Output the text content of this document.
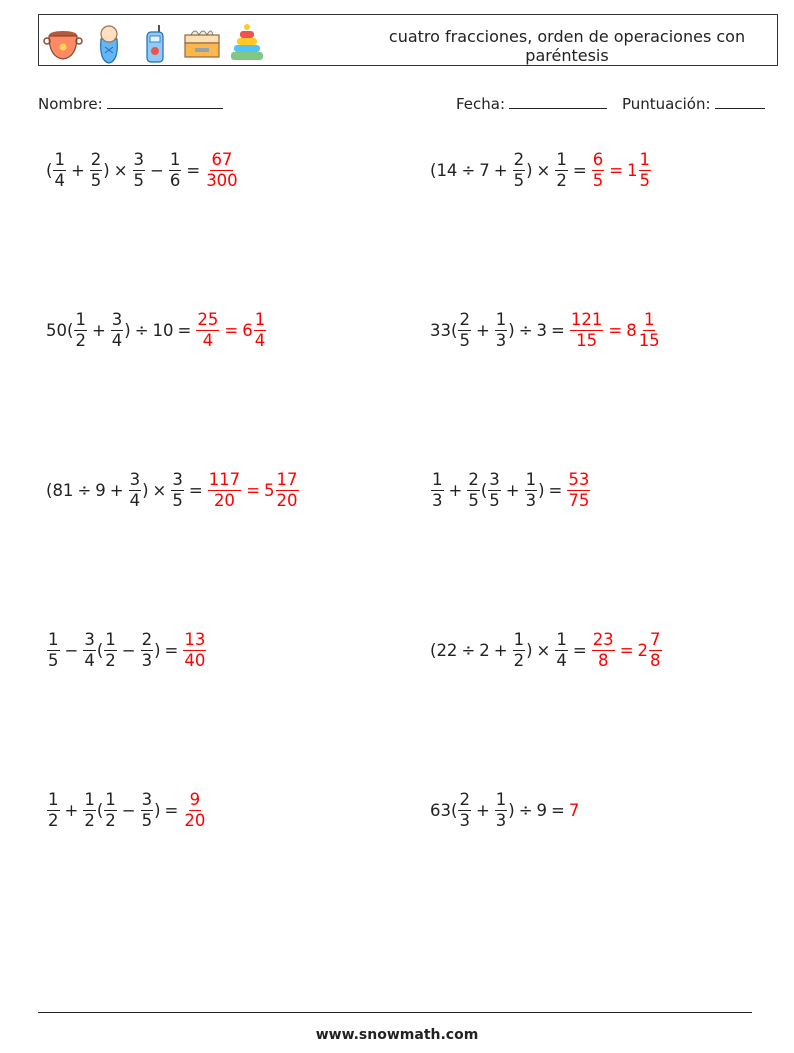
cuatro fracciones, orden de operaciones con paréntesis
Nombre:	Fecha:	Puntuación:
( $\frac{1}{4} + \frac{2}{5}$ ) × $\frac{3}{5} - \frac{1}{6} = \frac{67}{300}$	( $14 \div 7 + \frac{2}{5}$ ) × $\frac{1}{2} = \frac{6}{5} = 1 \frac{1}{5}$
50 ( $\frac{1}{2} + \frac{3}{4}$ ) ÷ $10 = \frac{25}{4} = 6 \frac{1}{4}$	33 ( $\frac{2}{5} + \frac{1}{3}$ ) ÷ $3 = \frac{121}{15} = 8 \frac{1}{15}$
( $81 \div 9 + \frac{3}{4}$ ) × $\frac{3}{5} = \frac{117}{20} = 5 \frac{17}{20}$	$\frac{1}{3} + \frac{2}{5}$ ( $\frac{3}{5} + \frac{1}{3}$ ) = $\frac{53}{75}$
$\frac{1}{5} - \frac{3}{4}$ ( $\frac{1}{2} - \frac{2}{3}$ ) = $\frac{13}{40}$	( $22 \div 2 + \frac{1}{2}$ ) × $\frac{1}{4} = \frac{23}{8} = 2 \frac{7}{8}$
$\frac{1}{2} + \frac{1}{2}$ ( $\frac{1}{2} - \frac{3}{5}$ ) = $\frac{9}{20}$	63 ( $\frac{2}{3} + \frac{1}{3}$ ) ÷ 9 = 7
www.snowmath.com
